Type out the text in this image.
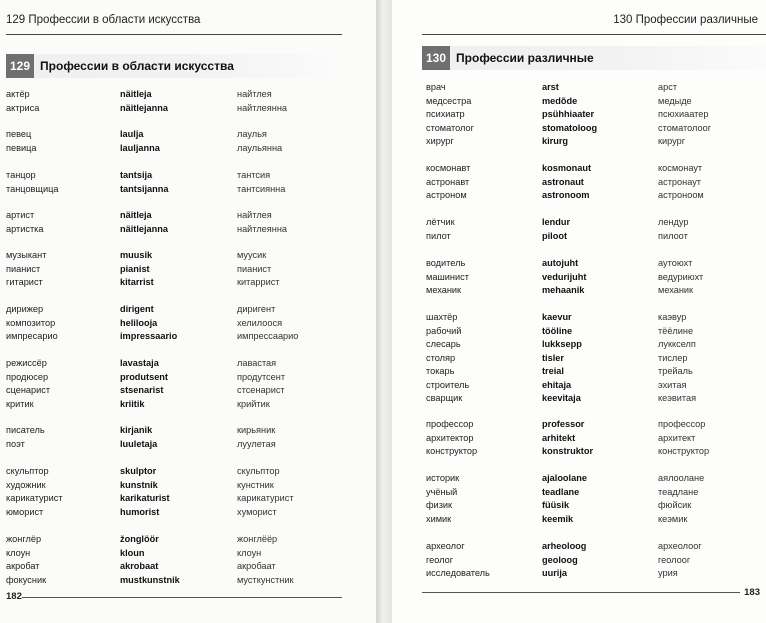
129 Профессии в области искусства
129 Профессии в области искусства
актёр	näitleja	найтлея
актриса	näitlejanna	найтлеянна
певец	laulja	лаулья
певица	lauljanna	лаульянна
танцор	tantsija	тантсия
танцовщица	tantsijanna	тантсиянна
артист	näitleja	найтлея
артистка	näitlejanna	найтлеянна
музыкант	muusik	муусик
пианист	pianist	пианист
гитарист	kitarrist	китаррист
дирижер	dirigent	диригент
композитор	helilooja	хелилоося
импресарио	impressaario	импрессаарио
режиссёр	lavastaja	лавастая
продюсер	produtsent	продутсент
сценарист	stsenarist	стсенарист
критик	kriitik	крийтик
писатель	kirjanik	кирьяник
поэт	luuletaja	луулетая
скульптор	skulptor	скульптор
художник	kunstnik	кунстник
карикатурист	karikaturist	карикатурист
юморист	humorist	хуморист
жонглёр	žonglöör	жонглёёр
клоун	kloun	клоун
акробат	akrobaat	акробаат
фокусник	mustkunstnik	мусткунстник
182
130 Профессии различные
130 Профессии различные
врач	arst	арст
медсестра	medõde	медыде
психиатр	psühhiaater	псюхиаатер
стоматолог	stomatoloog	стоматолоог
хирург	kirurg	кирург
космонавт	kosmonaut	космонаут
астронавт	astronaut	астронаут
астроном	astronoom	астроноом
лётчик	lendur	лендур
пилот	piloot	пилоот
водитель	autojuht	аутоюхт
машинист	vedurijuht	ведуриюхт
механик	mehaanik	механик
шахтёр	kaevur	каэвур
рабочий	tööline	тёёлине
слесарь	lukksepp	луккселп
столяр	tisler	тислер
токарь	treial	трейаль
строитель	ehitaja	эхитая
сварщик	keevitaja	кеэвитая
профессор	professor	профессор
архитектор	arhitekt	архитект
конструктор	konstruktor	конструктор
историк	ajaloolane	аялоолане
учёный	teadlane	теадлане
физик	füüsik	фюйсик
химик	keemik	кеэмик
археолог	arheoloog	археолоог
геолог	geoloog	геолоог
исследователь	uurija	урия
183
